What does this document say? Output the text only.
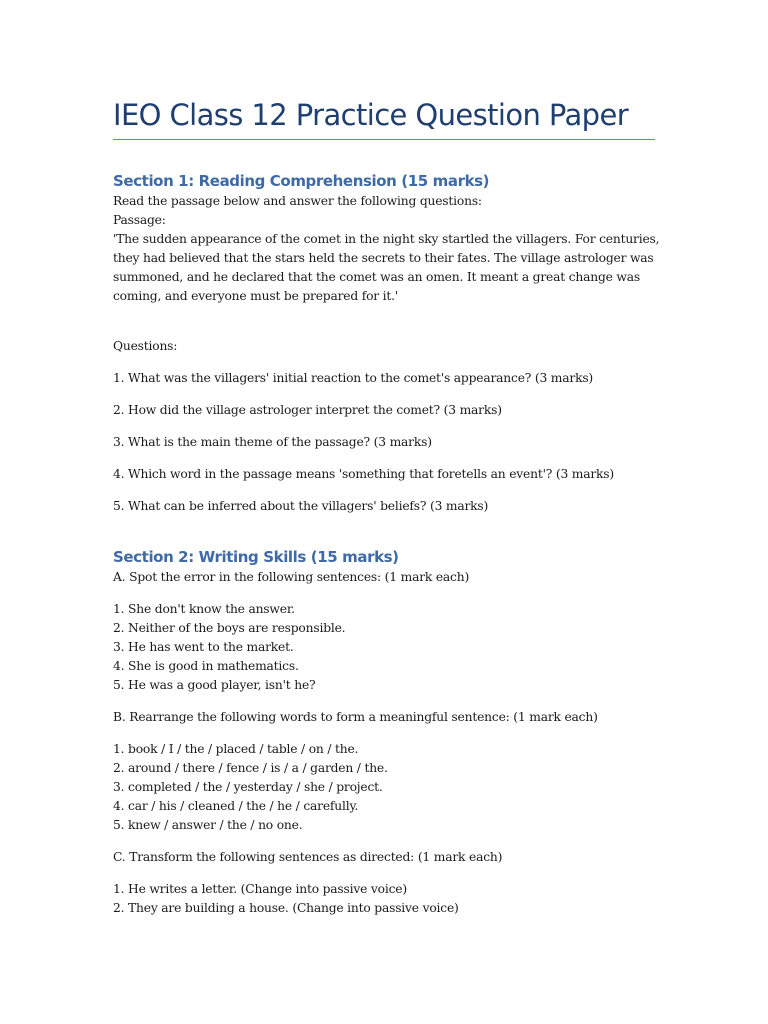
IEO Class 12 Practice Question Paper
Section 1: Reading Comprehension (15 marks)

Read the passage below and answer the following questions:

Passage:

'The sudden appearance of the comet in the night sky startled the villagers. For centuries,

they had believed that the stars held the secrets to their fates. The village astrologer was

summoned, and he declared that the comet was an omen. It meant a great change was

coming, and everyone must be prepared for it.'

Questions:

1. What was the villagers' initial reaction to the comet's appearance? (3 marks)

2. How did the village astrologer interpret the comet? (3 marks)

3. What is the main theme of the passage? (3 marks)

4. Which word in the passage means 'something that foretells an event'? (3 marks)

5. What can be inferred about the villagers' beliefs? (3 marks)

Section 2: Writing Skills (15 marks)

A. Spot the error in the following sentences: (1 mark each)

1. She don't know the answer.

2. Neither of the boys are responsible.

3. He has went to the market.

4. She is good in mathematics.

5. He was a good player, isn't he?

B. Rearrange the following words to form a meaningful sentence: (1 mark each)

1. book / I / the / placed / table / on / the.

2. around / there / fence / is / a / garden / the.

3. completed / the / yesterday / she / project.

4. car / his / cleaned / the / he / carefully.

5. knew / answer / the / no one.

C. Transform the following sentences as directed: (1 mark each)

1. He writes a letter. (Change into passive voice)

2. They are building a house. (Change into passive voice)
